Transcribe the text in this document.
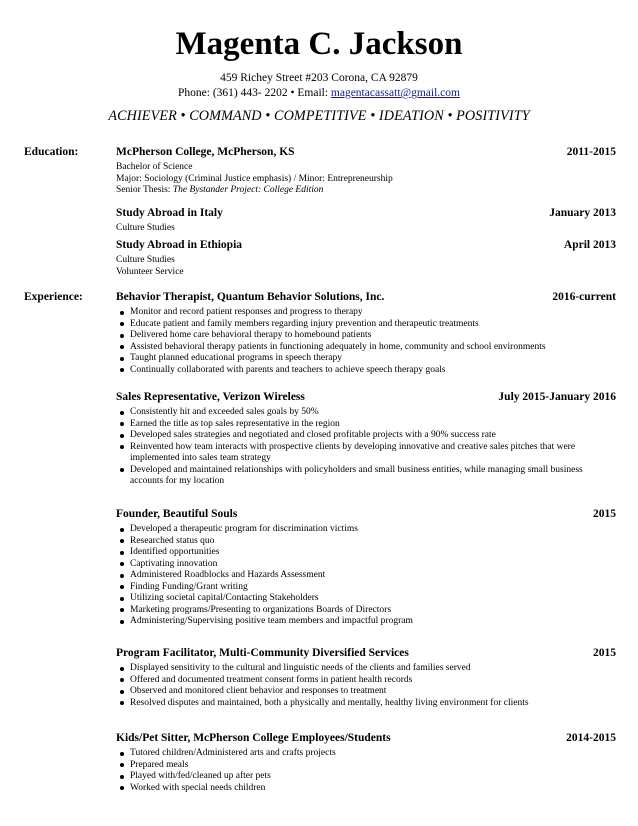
Magenta C. Jackson
459 Richey Street #203 Corona, CA 92879
Phone: (361) 443- 2202 • Email: magentacassatt@gmail.com
ACHIEVER • COMMAND • COMPETITIVE • IDEATION • POSITIVITY
Education:	McPherson College, McPherson, KS	2011-2015
Bachelor of Science
Major: Sociology (Criminal Justice emphasis) / Minor: Entrepreneurship
Senior Thesis: The Bystander Project: College Edition
Study Abroad in Italy	January 2013
Culture Studies
Study Abroad in Ethiopia	April 2013
Culture Studies
Volunteer Service
Experience:	Behavior Therapist, Quantum Behavior Solutions, Inc.	2016-current
Monitor and record patient responses and progress to therapy
Educate patient and family members regarding injury prevention and therapeutic treatments
Delivered home care behavioral therapy to homebound patients
Assisted behavioral therapy patients in functioning adequately in home, community and school environments
Taught planned educational programs in speech therapy
Continually collaborated with parents and teachers to achieve speech therapy goals
Sales Representative, Verizon Wireless	July 2015-January 2016
Consistently hit and exceeded sales goals by 50%
Earned the title as top sales representative in the region
Developed sales strategies and negotiated and closed profitable projects with a 90% success rate
Reinvented how team interacts with prospective clients by developing innovative and creative sales pitches that were implemented into sales team strategy
Developed and maintained relationships with policyholders and small business entities, while managing small business accounts for my location
Founder, Beautiful Souls	2015
Developed a therapeutic program for discrimination victims
Researched status quo
Identified opportunities
Captivating innovation
Administered Roadblocks and Hazards Assessment
Finding Funding/Grant writing
Utilizing societal capital/Contacting Stakeholders
Marketing programs/Presenting to organizations Boards of Directors
Administering/Supervising positive team members and impactful program
Program Facilitator, Multi-Community Diversified Services	2015
Displayed sensitivity to the cultural and linguistic needs of the clients and families served
Offered and documented treatment consent forms in patient health records
Observed and monitored client behavior and responses to treatment
Resolved disputes and maintained, both a physically and mentally, healthy living environment for clients
Kids/Pet Sitter, McPherson College Employees/Students	2014-2015
Tutored children/Administered arts and crafts projects
Prepared meals
Played with/fed/cleaned up after pets
Worked with special needs children
